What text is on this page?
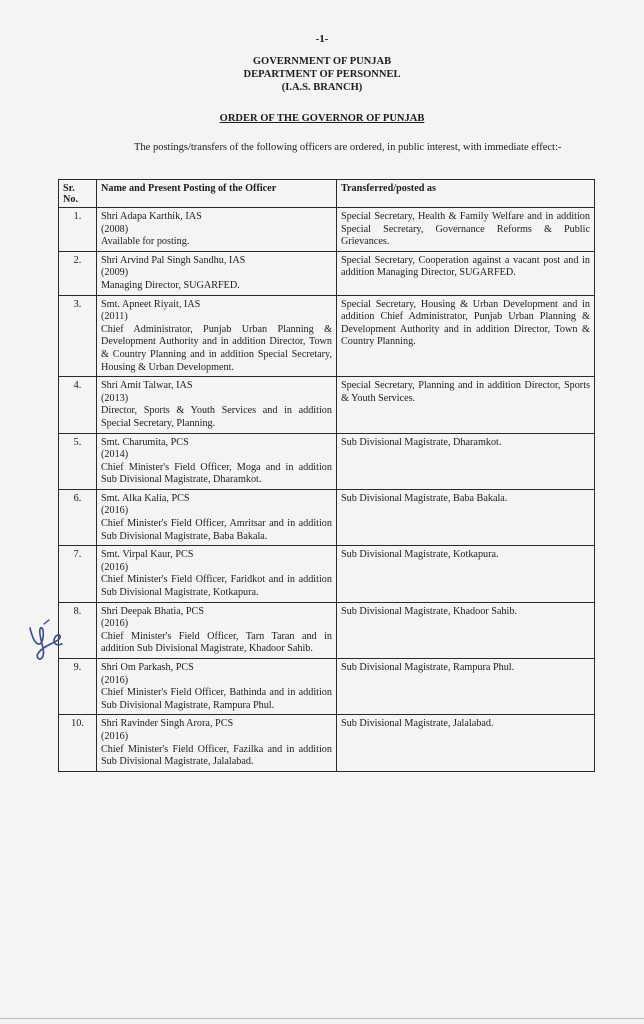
-1-
GOVERNMENT OF PUNJAB
DEPARTMENT OF PERSONNEL
(I.A.S. BRANCH)
ORDER OF THE GOVERNOR OF PUNJAB
The postings/transfers of the following officers are ordered, in public interest, with immediate effect:-
Sr. No.	Name and Present Posting of the Officer	Transferred/posted as
1.	Shri Adapa Karthik, IAS
(2008)
Available for posting.	Special Secretary, Health & Family Welfare and in addition Special Secretary, Governance Reforms & Public Grievances.
2.	Shri Arvind Pal Singh Sandhu, IAS
(2009)
Managing Director, SUGARFED.	Special Secretary, Cooperation against a vacant post and in addition Managing Director, SUGARFED.
3.	Smt. Apneet Riyait, IAS
(2011)
Chief Administrator, Punjab Urban Planning & Development Authority and in addition Director, Town & Country Planning and in addition Special Secretary, Housing & Urban Development.	Special Secretary, Housing & Urban Development and in addition Chief Administrator, Punjab Urban Planning & Development Authority and in addition Director, Town & Country Planning.
4.	Shri Amit Talwar, IAS
(2013)
Director, Sports & Youth Services and in addition Special Secretary, Planning.	Special Secretary, Planning and in addition Director, Sports & Youth Services.
5.	Smt. Charumita, PCS
(2014)
Chief Minister's Field Officer, Moga and in addition Sub Divisional Magistrate, Dharamkot.	Sub Divisional Magistrate, Dharamkot.
6.	Smt. Alka Kalia, PCS
(2016)
Chief Minister's Field Officer, Amritsar and in addition Sub Divisional Magistrate, Baba Bakala.	Sub Divisional Magistrate, Baba Bakala.
7.	Smt. Virpal Kaur, PCS
(2016)
Chief Minister's Field Officer, Faridkot and in addition Sub Divisional Magistrate, Kotkapura.	Sub Divisional Magistrate, Kotkapura.
8.	Shri Deepak Bhatia, PCS
(2016)
Chief Minister's Field Officer, Tarn Taran and in addition Sub Divisional Magistrate, Khadoor Sahib.	Sub Divisional Magistrate, Khadoor Sahib.
9.	Shri Om Parkash, PCS
(2016)
Chief Minister's Field Officer, Bathinda and in addition Sub Divisional Magistrate, Rampura Phul.	Sub Divisional Magistrate, Rampura Phul.
10.	Shri Ravinder Singh Arora, PCS
(2016)
Chief Minister's Field Officer, Fazilka and in addition Sub Divisional Magistrate, Jalalabad.	Sub Divisional Magistrate, Jalalabad.
